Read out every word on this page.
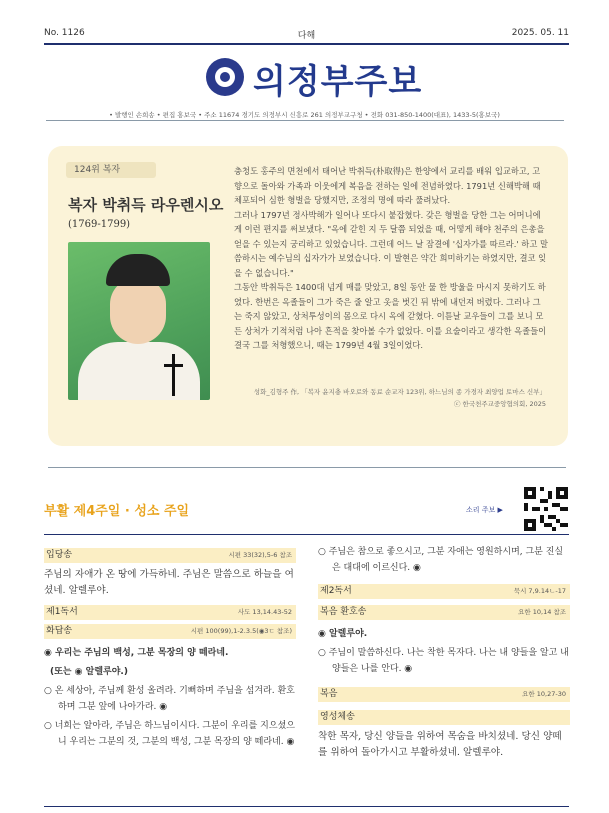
No. 1126	다해	2025. 05. 11
의정부주보
• 발행인 손희송 • 편집 홍보국 • 주소 11674 경기도 의정부시 신흥로 261 의정부교구청 • 전화 031-850-1400(대표), 1433-5(홍보국)
124위 복자
복자 박취득 라우렌시오
(1769-1799)

충청도 홍주의 면천에서 태어난 박취득(朴取得)은 한양에서 교리를 배워 입교하고, 고향으로 돌아와 가족과 이웃에게 복음을 전하는 일에 전념하였다. 1791년 신해박해 때 체포되어 심한 형벌을 당했지만, 조정의 명에 따라 풀려났다.

그러나 1797년 정사박해가 일어나 또다시 붙잡혔다. 갖은 형벌을 당한 그는 어머니에게 이런 편지를 써보냈다. "옥에 갇힌 지 두 달쯤 되었을 때, 어떻게 해야 천주의 은총을 얻을 수 있는지 궁리하고 있었습니다. 그런데 어느 날 잠결에 '십자가를 따르라.' 하고 말씀하시는 예수님의 십자가가 보였습니다. 이 발현은 약간 희미하기는 하였지만, 결코 잊을 수 없습니다."

그동안 박취득은 1400대 넘게 매를 맞았고, 8일 동안 물 한 방울을 마시지 못하기도 하였다. 한번은 옥졸들이 그가 죽은 줄 알고 옷을 벗긴 뒤 밖에 내던져 버렸다. 그러나 그는 죽지 않았고, 상처투성이의 몸으로 다시 옥에 갇혔다. 이튿날 교우들이 그를 보니 모든 상처가 기적처럼 나아 흔적을 찾아볼 수가 없었다. 이를 요술이라고 생각한 옥졸들이 결국 그를 처형했으니, 때는 1799년 4월 3일이었다.

성화_김형주 作, 「복자 윤지충 바오로와 동료 순교자 123위, 하느님의 종 가경자 최양업 토마스 신부」
ⓒ 한국천주교중앙협의회, 2025
부활 제4주일 · 성소 주일	소리 주보 ▶
입당송	시편 33(32),5-6 참조
주님의 자애가 온 땅에 가득하네. 주님은 말씀으로 하늘을 여셨네. 알렐루야.
제1독서	사도 13,14.43-52
화답송	시편 100(99),1-2.3.5(◉3ㄷ 참조)
◉ 우리는 주님의 백성, 그분 목장의 양 떼라네.
(또는 ◉ 알렐루야.)
○ 온 세상아, 주님께 환성 올려라. 기뻐하며 주님을 섬겨라. 환호하며 그분 앞에 나아가라. ◉
○ 너희는 알아라, 주님은 하느님이시다. 그분이 우리를 지으셨으니 우리는 그분의 것, 그분의 백성, 그분 목장의 양 떼라네. ◉
○ 주님은 참으로 좋으시고, 그분 자애는 영원하시며, 그분 진실은 대대에 이르신다. ◉
제2독서	묵시 7,9.14ㄴ-17
복음 환호송	요한 10,14 참조
◉ 알렐루야.
○ 주님이 말씀하신다. 나는 착한 목자다. 나는 내 양들을 알고 내 양들은 나를 안다. ◉
복음	요한 10,27-30
영성체송
착한 목자, 당신 양들을 위하여 목숨을 바치셨네. 당신 양떼를 위하여 돌아가시고 부활하셨네. 알렐루야.
